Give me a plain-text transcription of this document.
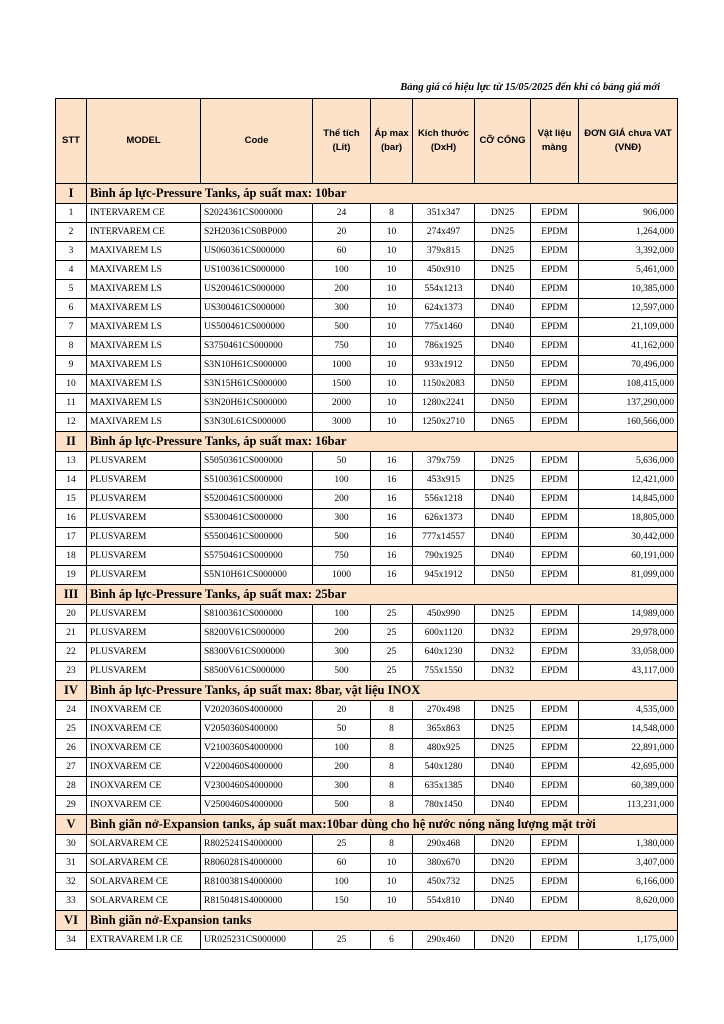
Bảng giá có hiệu lực từ 15/05/2025 đến khi có bảng giá mới
STT	MODEL	Code	Thể tích (Lít)	Áp max (bar)	Kích thước (DxH)	CỠ CỔNG	Vật liệu màng	ĐƠN GIÁ chưa VAT (VNĐ)
I	Bình áp lực-Pressure Tanks, áp suất max: 10bar							
1	INTERVAREM CE	S2024361CS000000	24	8	351x347	DN25	EPDM	906,000
2	INTERVAREM CE	S2H20361CS0BP000	20	10	274x497	DN25	EPDM	1,264,000
3	MAXIVAREM LS	US060361CS000000	60	10	379x815	DN25	EPDM	3,392,000
4	MAXIVAREM LS	US100361CS000000	100	10	450x910	DN25	EPDM	5,461,000
5	MAXIVAREM LS	US200461CS000000	200	10	554x1213	DN40	EPDM	10,385,000
6	MAXIVAREM LS	US300461CS000000	300	10	624x1373	DN40	EPDM	12,597,000
7	MAXIVAREM LS	US500461CS000000	500	10	775x1460	DN40	EPDM	21,109,000
8	MAXIVAREM LS	S3750461CS000000	750	10	786x1925	DN40	EPDM	41,162,000
9	MAXIVAREM LS	S3N10H61CS000000	1000	10	933x1912	DN50	EPDM	70,496,000
10	MAXIVAREM LS	S3N15H61CS000000	1500	10	1150x2083	DN50	EPDM	108,415,000
11	MAXIVAREM LS	S3N20H61CS000000	2000	10	1280x2241	DN50	EPDM	137,290,000
12	MAXIVAREM LS	S3N30L61CS000000	3000	10	1250x2710	DN65	EPDM	160,566,000
II	Bình áp lực-Pressure Tanks, áp suất max: 16bar							
13	PLUSVAREM	S5050361CS000000	50	16	379x759	DN25	EPDM	5,636,000
14	PLUSVAREM	S5100361CS000000	100	16	453x915	DN25	EPDM	12,421,000
15	PLUSVAREM	S5200461CS000000	200	16	556x1218	DN40	EPDM	14,845,000
16	PLUSVAREM	S5300461CS000000	300	16	626x1373	DN40	EPDM	18,805,000
17	PLUSVAREM	S5500461CS000000	500	16	777x14557	DN40	EPDM	30,442,000
18	PLUSVAREM	S5750461CS000000	750	16	790x1925	DN40	EPDM	60,191,000
19	PLUSVAREM	S5N10H61CS000000	1000	16	945x1912	DN50	EPDM	81,099,000
III	Bình áp lực-Pressure Tanks, áp suất max: 25bar							
20	PLUSVAREM	S8100361CS000000	100	25	450x990	DN25	EPDM	14,989,000
21	PLUSVAREM	S8200V61CS000000	200	25	600x1120	DN32	EPDM	29,978,000
22	PLUSVAREM	S8300V61CS000000	300	25	640x1230	DN32	EPDM	33,058,000
23	PLUSVAREM	S8500V61CS000000	500	25	755x1550	DN32	EPDM	43,117,000
IV	Bình áp lực-Pressure Tanks, áp suất max: 8bar, vật liệu INOX							
24	INOXVAREM CE	V2020360S4000000	20	8	270x498	DN25	EPDM	4,535,000
25	INOXVAREM CE	V2050360S400000	50	8	365x863	DN25	EPDM	14,548,000
26	INOXVAREM CE	V2100360S4000000	100	8	480x925	DN25	EPDM	22,891,000
27	INOXVAREM CE	V2200460S4000000	200	8	540x1280	DN40	EPDM	42,695,000
28	INOXVAREM CE	V2300460S4000000	300	8	635x1385	DN40	EPDM	60,389,000
29	INOXVAREM CE	V2500460S4000000	500	8	780x1450	DN40	EPDM	113,231,000
V	Bình giãn nở-Expansion tanks, áp suất max:10bar dùng cho hệ nước nóng năng lượng mặt trời							
30	SOLARVAREM CE	R8025241S4000000	25	8	290x468	DN20	EPDM	1,380,000
31	SOLARVAREM CE	R8060281S4000000	60	10	380x670	DN20	EPDM	3,407,000
32	SOLARVAREM CE	R8100381S4000000	100	10	450x732	DN25	EPDM	6,166,000
33	SOLARVAREM CE	R8150481S4000000	150	10	554x810	DN40	EPDM	8,620,000
VI	Bình giãn nở-Expansion tanks							
34	EXTRAVAREM LR CE	UR025231CS000000	25	6	290x460	DN20	EPDM	1,175,000
